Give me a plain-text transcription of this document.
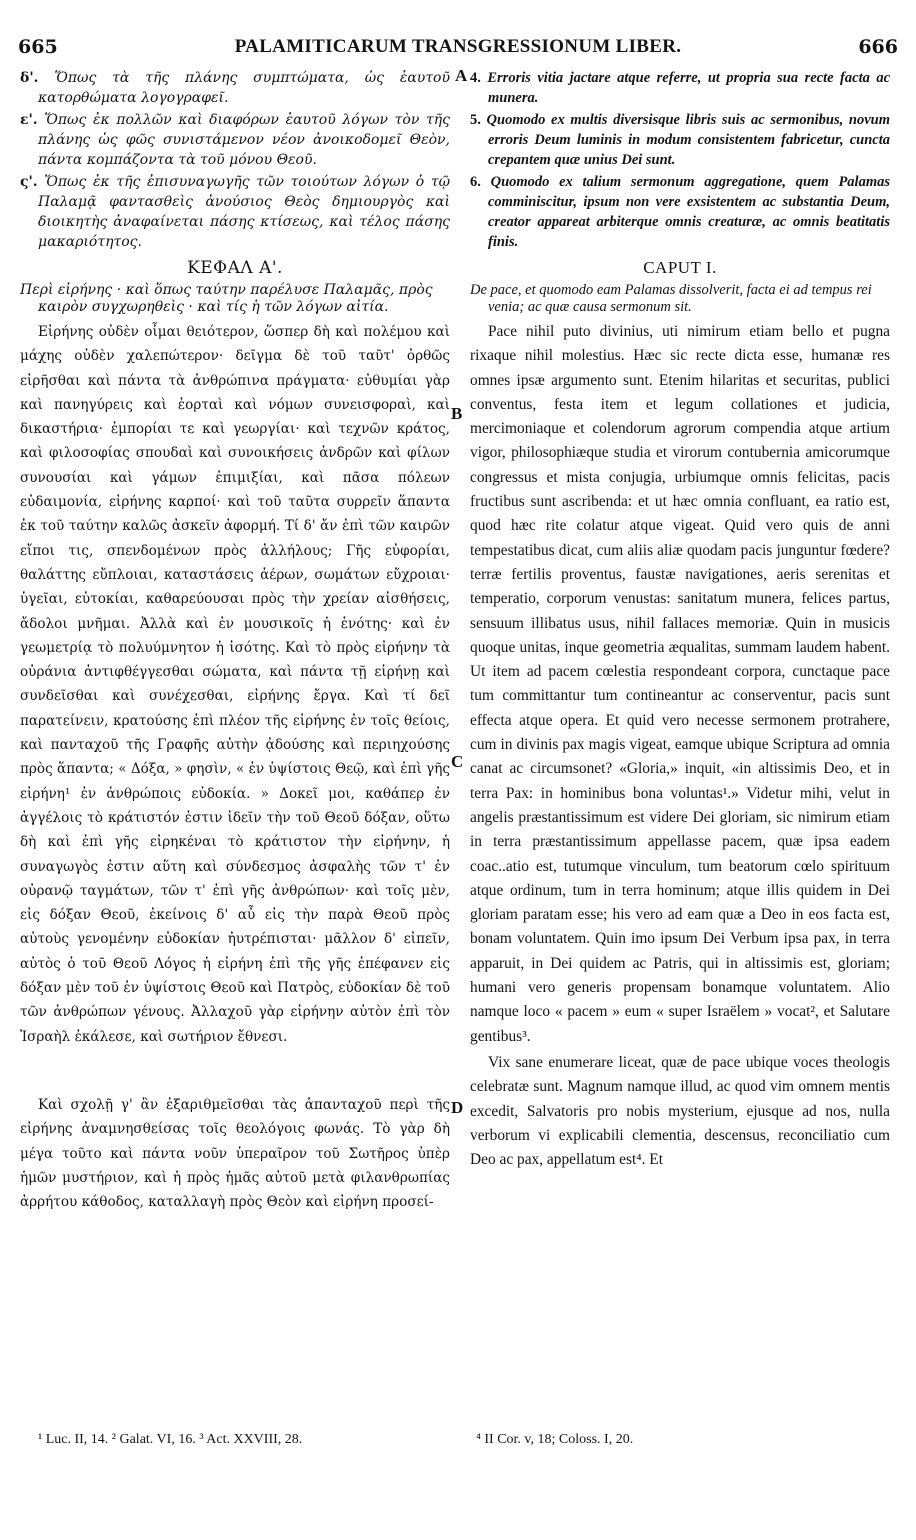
665	PALAMITICARUM TRANSGRESSIONUM LIBER.	666

δ'. Ὅπως τὰ τῆς πλάνης συμπτώματα, ὡς ἑαυτοῦ κατορθώματα λογογραφεῖ.

ε'. Ὅπως ἐκ πολλῶν καὶ διαφόρων ἑαυτοῦ λόγων τὸν τῆς πλάνης ὡς φῶς συνιστάμενον νέον ἀνοικοδομεῖ Θεὸν, πάντα κομπάζοντα τὰ τοῦ μόνου Θεοῦ.

ς'. Ὅπως ἐκ τῆς ἐπισυναγωγῆς τῶν τοιούτων λόγων ὁ τῷ Παλαμᾷ φαντασθεὶς ἀνούσιος Θεὸς δημιουργὸς καὶ διοικητὴς ἀναφαίνεται πάσης κτίσεως, καὶ τέλος πάσης μακαριότητος.

ΚΕΦΑΛ Α'.

Περὶ εἰρήνης · καὶ ὅπως ταύτην παρέλυσε Παλαμᾶς, πρὸς καιρὸν συγχωρηθεὶς · καὶ τίς ἡ τῶν λόγων αἰτία.

Εἰρήνης οὐδὲν οἶμαι θειότερον, ὥσπερ δὴ καὶ πολέμου καὶ μάχης οὐδὲν χαλεπώτερον· δεῖγμα δὲ τοῦ ταῦτ' ὀρθῶς εἰρῆσθαι καὶ πάντα τὰ ἀνθρώπινα πράγματα· εὐθυμίαι γὰρ καὶ πανηγύρεις καὶ ἑορταὶ καὶ νόμων συνεισφοραὶ, καὶ δικαστήρια· ἐμπορίαι τε καὶ γεωργίαι· καὶ τεχνῶν κράτος, καὶ φιλοσοφίας σπουδαὶ καὶ συνοικήσεις ἀνδρῶν καὶ φίλων συνουσίαι καὶ γάμων ἐπιμιξίαι, καὶ πᾶσα πόλεων εὐδαιμονία, εἰρήνης καρποί· καὶ τοῦ ταῦτα συρρεῖν ἅπαντα ἐκ τοῦ ταύτην καλῶς ἀσκεῖν ἀφορμή. Τί δ' ἄν ἐπὶ τῶν καιρῶν εἴποι τις, σπενδομένων πρὸς ἀλλήλους; Γῆς εὐφορίαι, θαλάττης εὔπλοιαι, καταστάσεις ἀέρων, σωμάτων εὔχροιαι· ὑγεῖαι, εὐτοκίαι, καθαρεύουσαι πρὸς τὴν χρείαν αἰσθήσεις, ἄδολοι μνῆμαι. Ἀλλὰ καὶ ἐν μουσικοῖς ἡ ἑνότης· καὶ ἐν γεωμετρίᾳ τὸ πολυύμνητον ἡ ἰσότης. Καὶ τὸ πρὸς εἰρήνην τὰ οὐράνια ἀντιφθέγγεσθαι σώματα, καὶ πάντα τῇ εἰρήνῃ καὶ συνδεῖσθαι καὶ συνέχεσθαι, εἰρήνης ἔργα. Καὶ τί δεῖ παρατείνειν, κρατούσης ἐπὶ πλέον τῆς εἰρήνης ἐν τοῖς θείοις, καὶ πανταχοῦ τῆς Γραφῆς αὐτὴν ᾀδούσης καὶ περιηχούσης πρὸς ἅπαντα; « Δόξα, » φησὶν, « ἐν ὑψίστοις Θεῷ, καὶ ἐπὶ γῆς εἰρήνη¹ ἐν ἀνθρώποις εὐδοκία. » Δοκεῖ μοι, καθάπερ ἐν ἀγγέλοις τὸ κράτιστόν ἐστιν ἰδεῖν τὴν τοῦ Θεοῦ δόξαν, οὕτω δὴ καὶ ἐπὶ γῆς εἰρηκέναι τὸ κράτιστον τὴν εἰρήνην, ἡ συναγωγὸς ἐστιν αὕτη καὶ σύνδεσμος ἀσφαλὴς τῶν τ' ἐν οὐρανῷ ταγμάτων, τῶν τ' ἐπὶ γῆς ἀνθρώπων· καὶ τοῖς μὲν, εἰς δόξαν Θεοῦ, ἐκείνοις δ' αὖ εἰς τὴν παρὰ Θεοῦ πρὸς αὐτοὺς γενομένην εὐδοκίαν ἠυτρέπισται· μᾶλλον δ' εἰπεῖν, αὐτὸς ὁ τοῦ Θεοῦ Λόγος ἡ εἰρήνη ἐπὶ τῆς γῆς ἐπέφανεν εἰς δόξαν μὲν τοῦ ἐν ὑψίστοις Θεοῦ καὶ Πατρὸς, εὐδοκίαν δὲ τοῦ τῶν ἀνθρώπων γένους. Ἀλλαχοῦ γὰρ εἰρήνην αὐτὸν ἐπὶ τὸν Ἰσραὴλ ἐκάλεσε, καὶ σωτήριον ἔθνεσι.

Καὶ σχολῇ γ' ἂν ἐξαριθμεῖσθαι τὰς ἁπανταχοῦ περὶ τῆς εἰρήνης ἀναμνησθείσας τοῖς θεολόγοις φωνάς. Τὸ γὰρ δὴ μέγα τοῦτο καὶ πάντα νοῦν ὑπεραῖρον τοῦ Σωτῆρος ὑπὲρ ἡμῶν μυστήριον, καὶ ἡ πρὸς ἡμᾶς αὐτοῦ μετὰ φιλανθρωπίας ἀρρήτου κάθοδος, καταλλαγὴ πρὸς Θεὸν καὶ εἰρήνη προσεί-

4. Erroris vitia jactare atque referre, ut propria sua recte facta ac munera.

5. Quomodo ex multis diversisque libris suis ac sermonibus, novum erroris Deum luminis in modum consistentem fabricetur, cuncta crepantem quæ unius Dei sunt.

6. Quomodo ex talium sermonum aggregatione, quem Palamas comminiscitur, ipsum non vere exsistentem ac substantia Deum, creator appareat arbiterque omnis creaturæ, ac omnis beatitatis finis.

CAPUT I.

De pace, et quomodo eam Palamas dissolverit, facta ei ad tempus rei venia; ac quæ causa sermonum sit.

Pace nihil puto divinius, uti nimirum etiam bello et pugna rixaque nihil molestius. Hæc sic recte dicta esse, humanæ res omnes ipsæ argumento sunt. Etenim hilaritas et securitas, publici conventus, festa item et legum collationes et judicia, mercimoniaque et colendorum agrorum compendia atque artium vigor, philosophiæque studia et virorum contubernia amicorumque congressus et mista conjugia, urbiumque omnis felicitas, pacis fructibus sunt ascribenda: et ut hæc omnia confluant, ea ratio est, quod hæc rite colatur atque vigeat. Quid vero quis de anni tempestatibus dicat, cum aliis aliæ quodam pacis junguntur fœdere? terræ fertilis proventus, faustæ navigationes, aeris serenitas et temperatio, corporum venustas: sanitatum munera, felices partus, sensuum illibatus usus, nihil fallaces memoriæ. Quin in musicis quoque unitas, inque geometria æqualitas, summam laudem habent. Ut item ad pacem cœlestia respondeant corpora, cunctaque pace tum committantur tum contineantur ac conserventur, pacis sunt effecta atque opera. Et quid vero necesse sermonem protrahere, cum in divinis pax magis vigeat, eamque ubique Scriptura ad omnia canat ac circumsonet? «Gloria,» inquit, «in altissimis Deo, et in terra Pax: in hominibus bona voluntas¹.» Videtur mihi, velut in angelis præstantissimum est videre Dei gloriam, sic nimirum etiam in terra præstantissimum appellasse pacem, quæ ipsa eadem coac..atio est, tutumque vinculum, tum beatorum cœlo spirituum atque ordinum, tum in terra hominum; atque illis quidem in Dei gloriam paratam esse; his vero ad eam quæ a Deo in eos facta est, bonam voluntatem. Quin imo ipsum Dei Verbum ipsa pax, in terra apparuit, in Dei quidem ac Patris, qui in altissimis est, gloriam; humani vero generis propensam bonamque voluntatem. Alio namque loco « pacem » eum « super Israëlem » vocat², et Salutare gentibus³.

Vix sane enumerare liceat, quæ de pace ubique voces theologis celebratæ sunt. Magnum namque illud, ac quod vim omnem mentis excedit, Salvatoris pro nobis mysterium, ejusque ad nos, nulla verborum vi explicabili clementia, descensus, reconciliatio cum Deo ac pax, appellatum est⁴. Et

A
B
C
D
¹ Luc. II, 14. ² Galat. VI, 16. ³ Act. XXVIII, 28.	⁴ II Cor. v, 18; Coloss. I, 20.
